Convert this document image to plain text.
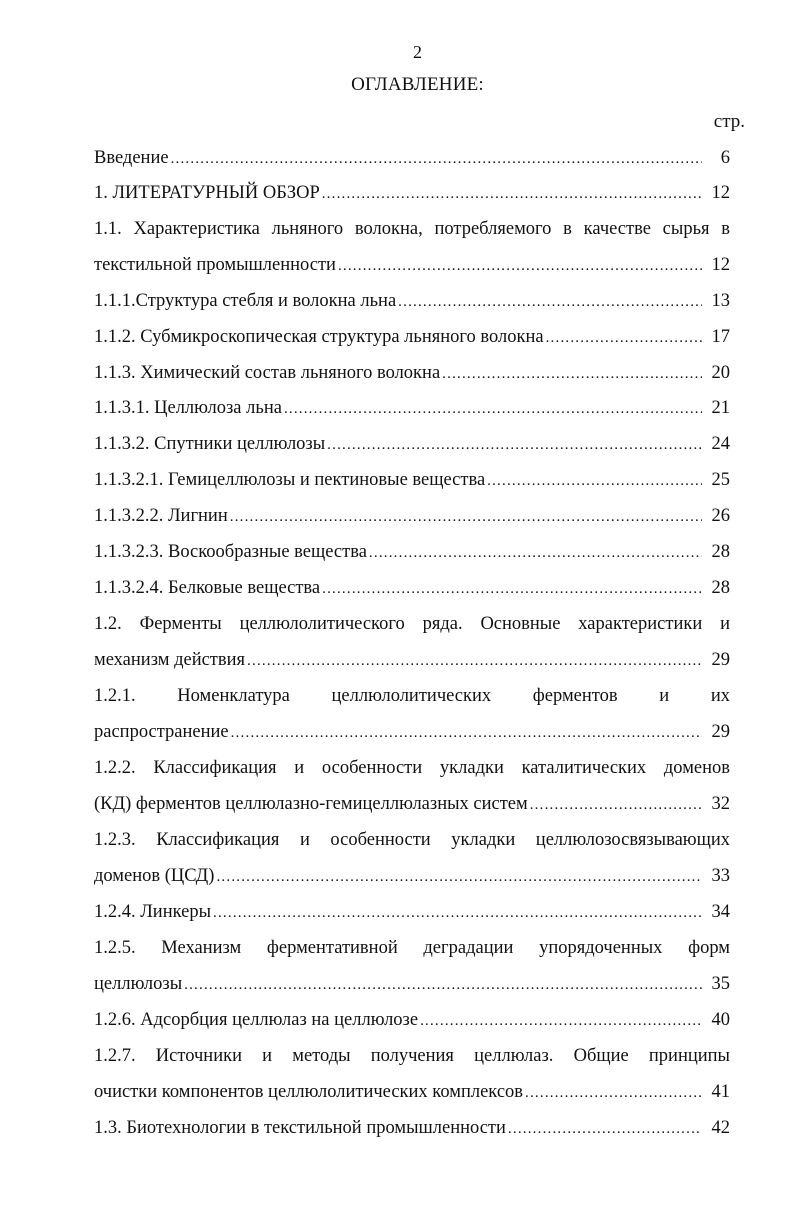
2
ОГЛАВЛЕНИЕ:
стр.
Введение .....	6
1. ЛИТЕРАТУРНЫЙ ОБЗОР .....	12
1.1. Характеристика льняного волокна, потребляемого в качестве сырья в
текстильной промышленности .....	12
1.1.1.Структура стебля и волокна льна .....	13
1.1.2. Субмикроскопическая структура льняного волокна .....	17
1.1.3. Химический состав льняного волокна .....	20
1.1.3.1. Целлюлоза льна .....	21
1.1.3.2. Спутники целлюлозы .....	24
1.1.3.2.1. Гемицеллюлозы и пектиновые вещества .....	25
1.1.3.2.2. Лигнин .....	26
1.1.3.2.3. Воскообразные вещества .....	28
1.1.3.2.4. Белковые вещества .....	28
1.2. Ферменты целлюлолитического ряда. Основные характеристики и
механизм действия .....	29
1.2.1. Номенклатура целлюлолитических ферментов и их
распространение .....	29
1.2.2. Классификация и особенности укладки каталитических доменов
(КД) ферментов целлюлазно-гемицеллюлазных систем .....	32
1.2.3. Классификация и особенности укладки целлюлозосвязывающих
доменов (ЦСД) .....	33
1.2.4. Линкеры .....	34
1.2.5. Механизм ферментативной деградации упорядоченных форм
целлюлозы .....	35
1.2.6. Адсорбция целлюлаз на целлюлозе .....	40
1.2.7. Источники и методы получения целлюлаз. Общие принципы
очистки компонентов целлюлолитических комплексов .....	41
1.3. Биотехнологии в текстильной промышленности .....	42
